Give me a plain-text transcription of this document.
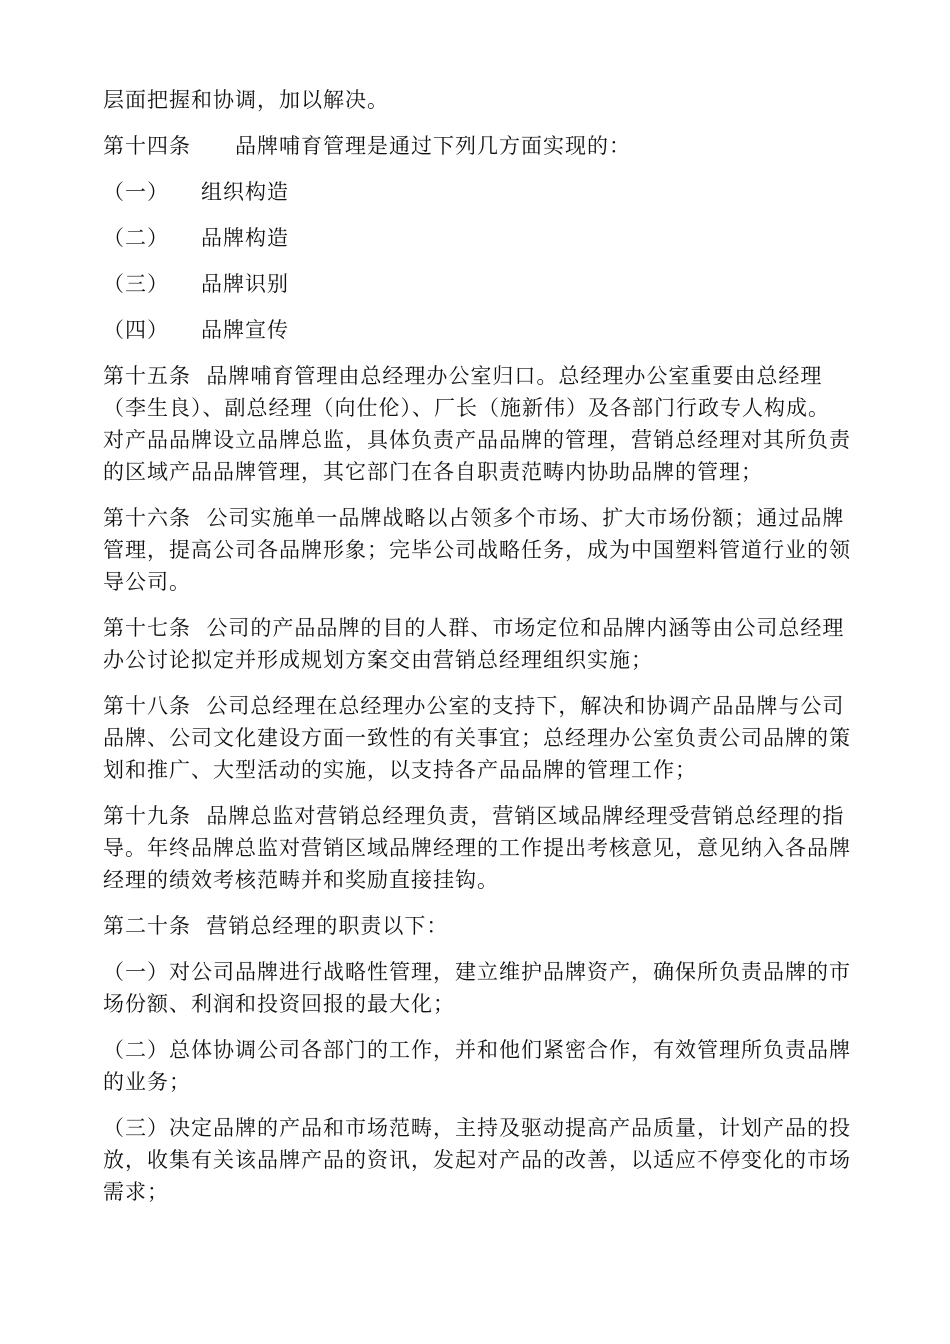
层面把握和协调，加以解决。
第十四条 品牌哺育管理是通过下列几方面实现的：
（一）	组织构造
（二）	品牌构造
（三）	品牌识别
（四）	品牌宣传
第十五条  品牌哺育管理由总经理办公室归口。总经理办公室重要由总经理
（李生良）、副总经理（向仕伦）、厂长（施新伟）及各部门行政专人构成。
对产品品牌设立品牌总监，具体负责产品品牌的管理，营销总经理对其所负责
的区域产品品牌管理，其它部门在各自职责范畴内协助品牌的管理；
第十六条  公司实施单一品牌战略以占领多个市场、扩大市场份额；通过品牌
管理，提高公司各品牌形象；完毕公司战略任务，成为中国塑料管道行业的领
导公司。
第十七条  公司的产品品牌的目的人群、市场定位和品牌内涵等由公司总经理
办公讨论拟定并形成规划方案交由营销总经理组织实施；
第十八条  公司总经理在总经理办公室的支持下，解决和协调产品品牌与公司
品牌、公司文化建设方面一致性的有关事宜；总经理办公室负责公司品牌的策
划和推广、大型活动的实施，以支持各产品品牌的管理工作；
第十九条  品牌总监对营销总经理负责，营销区域品牌经理受营销总经理的指
导。年终品牌总监对营销区域品牌经理的工作提出考核意见，意见纳入各品牌
经理的绩效考核范畴并和奖励直接挂钩。
第二十条  营销总经理的职责以下：
（一）对公司品牌进行战略性管理，建立维护品牌资产，确保所负责品牌的市
场份额、利润和投资回报的最大化；
（二）总体协调公司各部门的工作，并和他们紧密合作，有效管理所负责品牌
的业务；
（三）决定品牌的产品和市场范畴，主持及驱动提高产品质量，计划产品的投
放，收集有关该品牌产品的资讯，发起对产品的改善，以适应不停变化的市场
需求；
